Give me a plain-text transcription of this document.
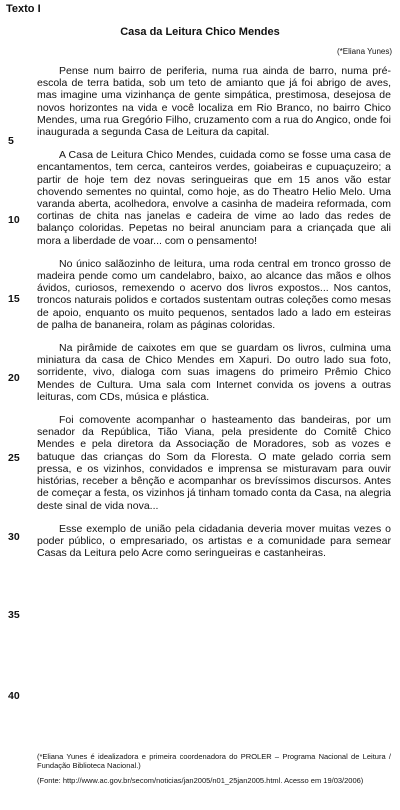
Texto I
Casa da Leitura Chico Mendes
(*Eliana Yunes)
5
10
15
20
25
30
35
40

Pense num bairro de periferia, numa rua ainda de barro, numa pré-escola de terra batida, sob um teto de amianto que já foi abrigo de aves, mas imagine uma vizinhança de gente simpática, prestimosa, desejosa de novos horizontes na vida e você localiza em Rio Branco, no bairro Chico Mendes, uma rua Gregório Filho, cruzamento com a rua do Angico, onde foi inaugurada a segunda Casa de Leitura da capital.

A Casa de Leitura Chico Mendes, cuidada como se fosse uma casa de encantamentos, tem cerca, canteiros verdes, goiabeiras e cupuaçuzeiro; a partir de hoje tem dez novas seringueiras que em 15 anos vão estar chovendo sementes no quintal, como hoje, as do Theatro Helio Melo. Uma varanda aberta, acolhedora, envolve a casinha de madeira reformada, com cortinas de chita nas janelas e cadeira de vime ao lado das redes de balanço coloridas. Pepetas no beiral anunciam para a criançada que ali mora a liberdade de voar... com o pensamento!

No único salãozinho de leitura, uma roda central em tronco grosso de madeira pende como um candelabro, baixo, ao alcance das mãos e olhos ávidos, curiosos, remexendo o acervo dos livros expostos... Nos cantos, troncos naturais polidos e cortados sustentam outras coleções como mesas de apoio, enquanto os muito pequenos, sentados lado a lado em esteiras de palha de bananeira, rolam as páginas coloridas.

Na pirâmide de caixotes em que se guardam os livros, culmina uma miniatura da casa de Chico Mendes em Xapuri. Do outro lado sua foto, sorridente, vivo, dialoga com suas imagens do primeiro Prêmio Chico Mendes de Cultura. Uma sala com Internet convida os jovens a outras leituras, com CDs, música e plástica.

Foi comovente acompanhar o hasteamento das bandeiras, por um senador da República, Tião Viana, pela presidente do Comitê Chico Mendes e pela diretora da Associação de Moradores, sob as vozes e batuque das crianças do Som da Floresta. O mate gelado corria sem pressa, e os vizinhos, convidados e imprensa se misturavam para ouvir histórias, receber a bênção e acompanhar os brevíssimos discursos. Antes de começar a festa, os vizinhos já tinham tomado conta da Casa, na alegria deste sinal de vida nova...

Esse exemplo de união pela cidadania deveria mover muitas vezes o poder público, o empresariado, os artistas e a comunidade para semear Casas da Leitura pelo Acre como seringueiras e castanheiras.

(*Eliana Yunes é idealizadora e primeira coordenadora do PROLER – Programa Nacional de Leitura / Fundação Biblioteca Nacional.)

(Fonte: http://www.ac.gov.br/secom/noticias/jan2005/n01_25jan2005.html. Acesso em 19/03/2006)
